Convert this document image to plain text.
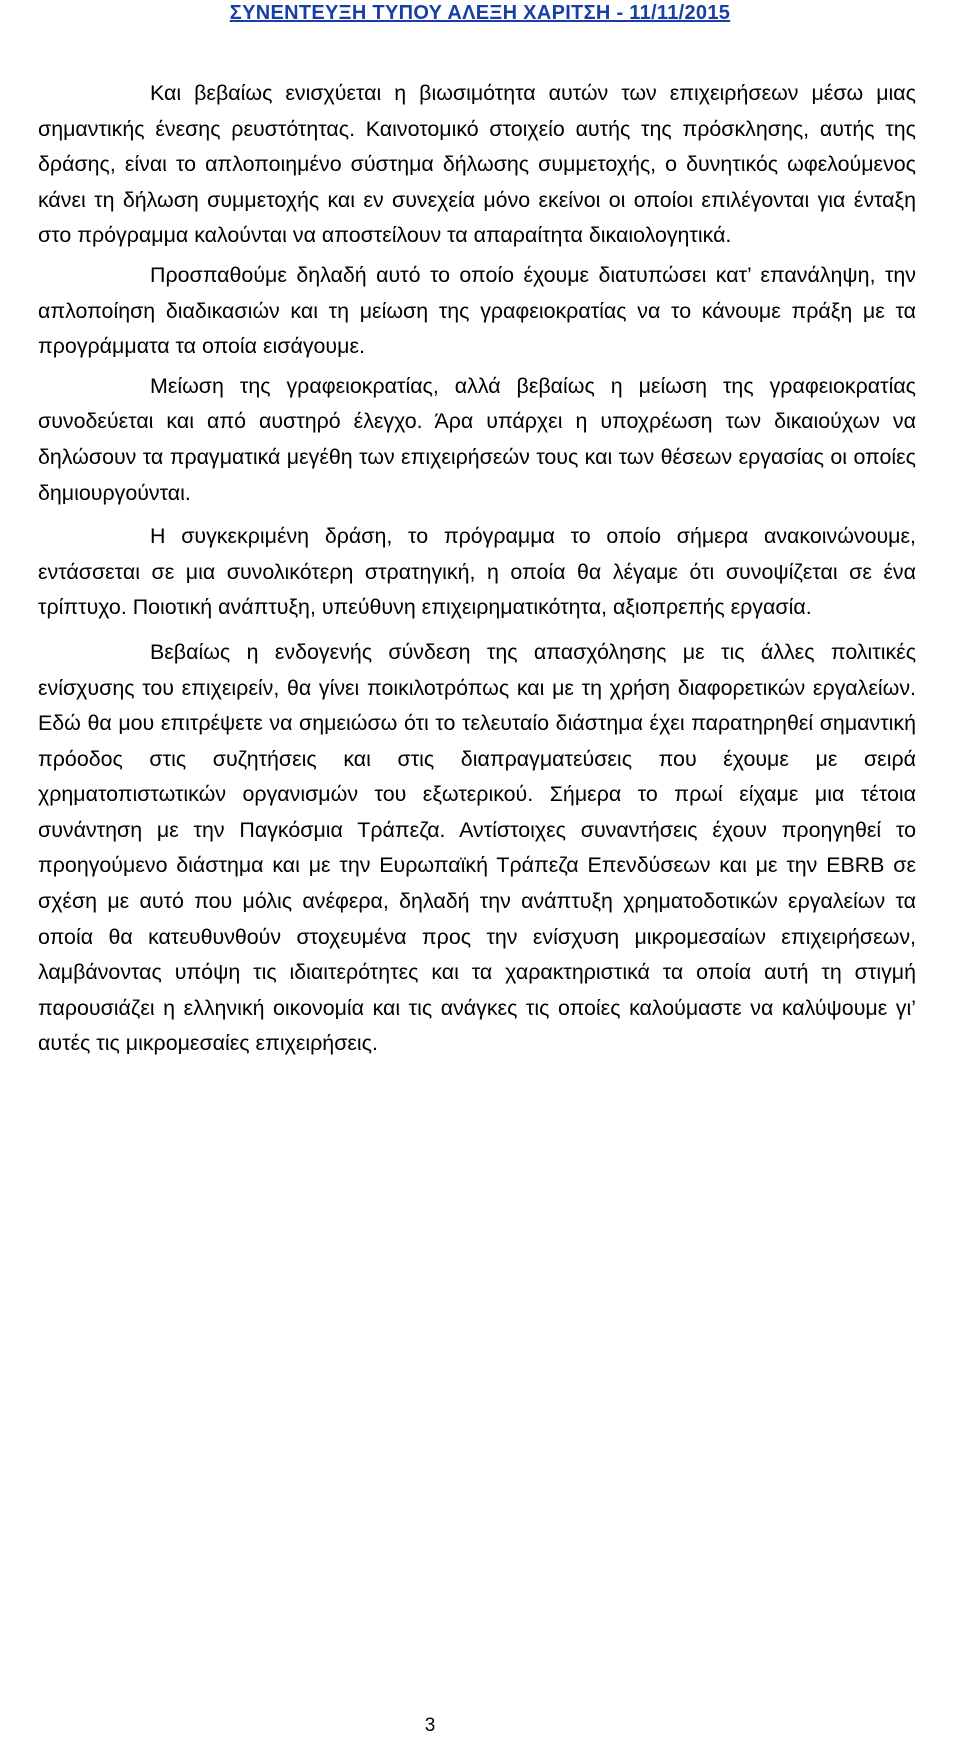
ΣΥΝΕΝΤΕΥΞΗ ΤΥΠΟΥ ΑΛΕΞΗ ΧΑΡΙΤΣΗ - 11/11/2015

Και βεβαίως ενισχύεται η βιωσιμότητα αυτών των επιχειρήσεων μέσω μιας σημαντικής ένεσης ρευστότητας. Καινοτομικό στοιχείο αυτής της πρόσκλησης, αυτής της δράσης, είναι το απλοποιημένο σύστημα δήλωσης συμμετοχής, ο δυνητικός ωφελούμενος κάνει τη δήλωση συμμετοχής και εν συνεχεία μόνο εκείνοι οι οποίοι επιλέγονται για ένταξη στο πρόγραμμα καλούνται να αποστείλουν τα απαραίτητα δικαιολογητικά.

Προσπαθούμε δηλαδή αυτό το οποίο έχουμε διατυπώσει κατ’ επανάληψη, την απλοποίηση διαδικασιών και τη μείωση της γραφειοκρατίας να το κάνουμε πράξη με τα προγράμματα τα οποία εισάγουμε.

Μείωση της γραφειοκρατίας, αλλά βεβαίως η μείωση της γραφειοκρατίας συνοδεύεται και από αυστηρό έλεγχο. Άρα υπάρχει η υποχρέωση των δικαιούχων να δηλώσουν τα πραγματικά μεγέθη των επιχειρήσεών τους και των θέσεων εργασίας οι οποίες δημιουργούνται.

Η συγκεκριμένη δράση, το πρόγραμμα το οποίο σήμερα ανακοινώνουμε, εντάσσεται σε μια συνολικότερη στρατηγική, η οποία θα λέγαμε ότι συνοψίζεται σε ένα τρίπτυχο. Ποιοτική ανάπτυξη, υπεύθυνη επιχειρηματικότητα, αξιοπρεπής εργασία.

Βεβαίως η ενδογενής σύνδεση της απασχόλησης με τις άλλες πολιτικές ενίσχυσης του επιχειρείν, θα γίνει ποικιλοτρόπως και με τη χρήση διαφορετικών εργαλείων. Εδώ θα μου επιτρέψετε να σημειώσω ότι το τελευταίο διάστημα έχει παρατηρηθεί σημαντική πρόοδος στις συζητήσεις και στις διαπραγματεύσεις που έχουμε με σειρά χρηματοπιστωτικών οργανισμών του εξωτερικού. Σήμερα το πρωί είχαμε μια τέτοια συνάντηση με την Παγκόσμια Τράπεζα. Αντίστοιχες συναντήσεις έχουν προηγηθεί το προηγούμενο διάστημα και με την Ευρωπαϊκή Τράπεζα Επενδύσεων και με την EBRB σε σχέση με αυτό που μόλις ανέφερα, δηλαδή την ανάπτυξη χρηματοδοτικών εργαλείων τα οποία θα κατευθυνθούν στοχευμένα προς την ενίσχυση μικρομεσαίων επιχειρήσεων, λαμβάνοντας υπόψη τις ιδιαιτερότητες και τα χαρακτηριστικά τα οποία αυτή τη στιγμή παρουσιάζει η ελληνική οικονομία και τις ανάγκες τις οποίες καλούμαστε να καλύψουμε γι’ αυτές τις μικρομεσαίες επιχειρήσεις.

3
